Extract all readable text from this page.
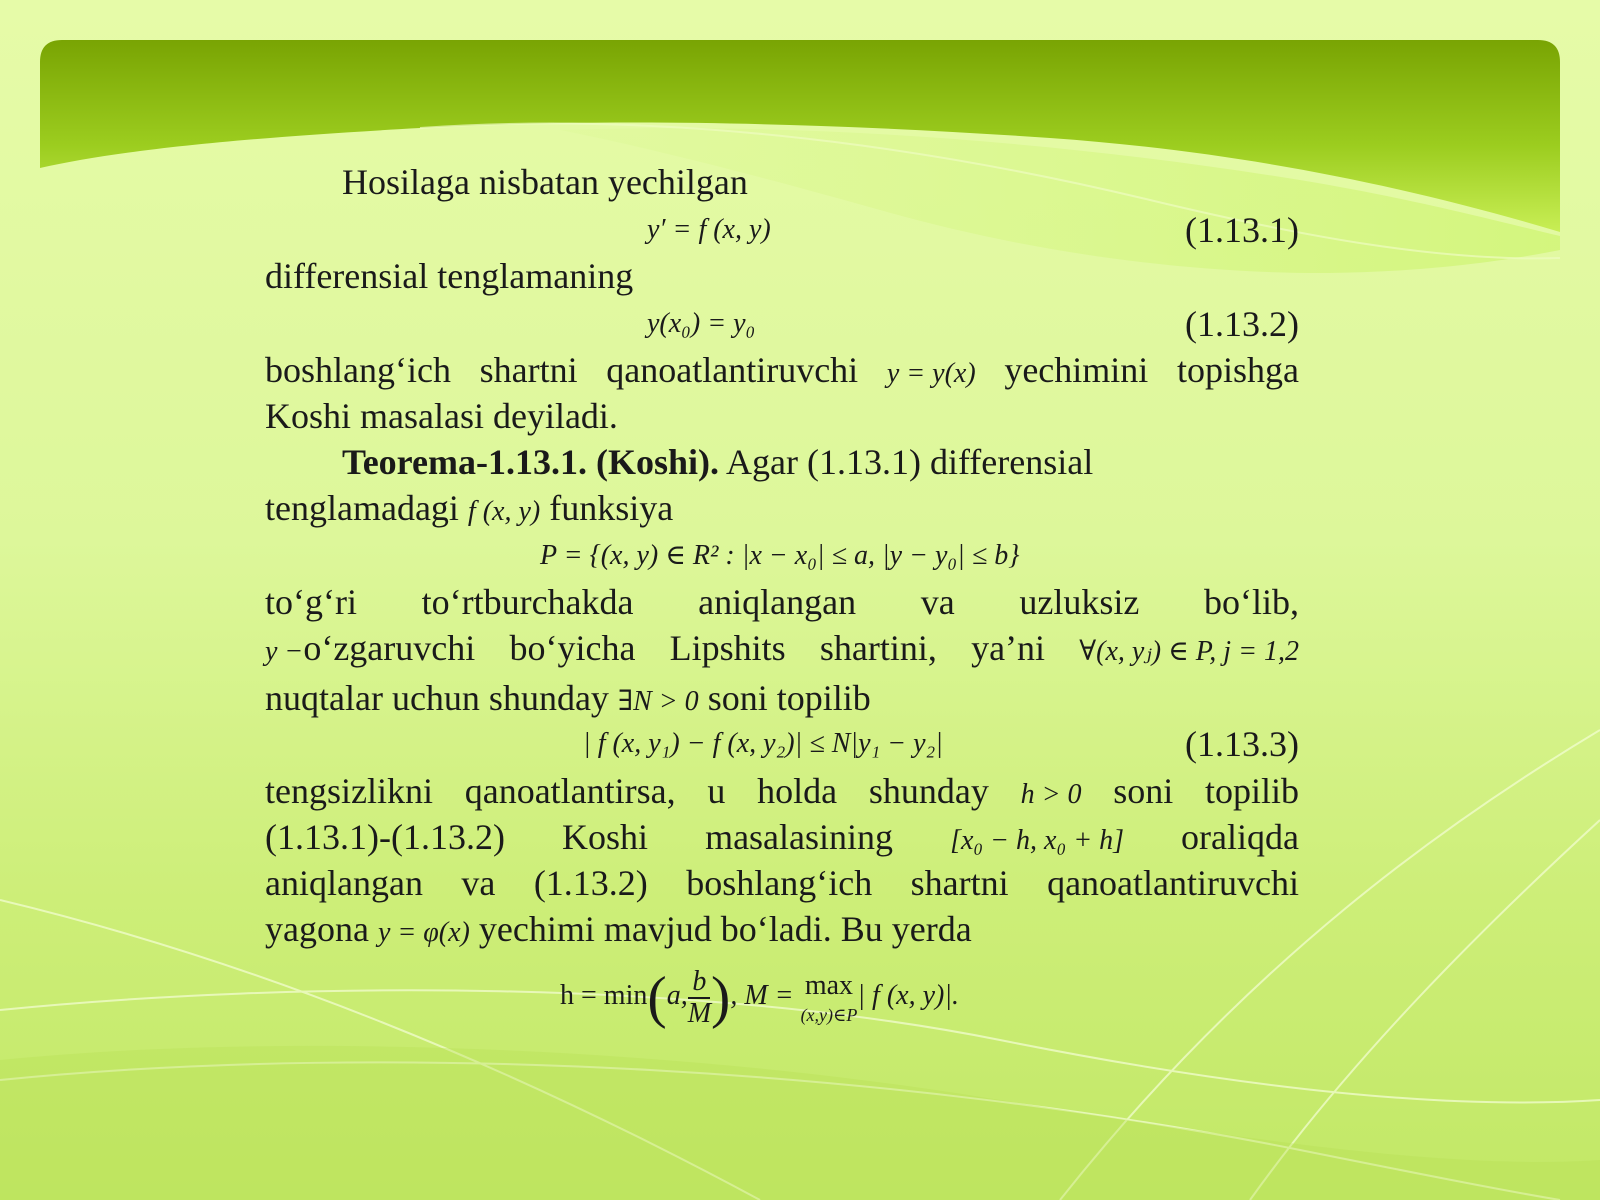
Hosilaga nisbatan yechilgan
y′ = f (x, y)	(1.13.1)
differensial tenglamaning
y(x₀) = y₀	(1.13.2)
boshlang‘ich shartni qanoatlantiruvchi y = y(x) yechimini topishga
Koshi masalasi deyiladi.
Teorema-1.13.1. (Koshi). Agar (1.13.1) differensial
tenglamadagi f (x, y) funksiya
P = {(x, y) ∈ R² : |x − x₀| ≤ a, |y − y₀| ≤ b}
to‘g‘ri to‘rtburchakda aniqlangan va uzluksiz bo‘lib,
y −o‘zgaruvchi bo‘yicha Lipshits shartini, ya’ni ∀(x, yⱼ) ∈ P, j = 1,2
nuqtalar uchun shunday ∃N > 0 soni topilib
| f (x, y₁) − f (x, y₂)| ≤ N|y₁ − y₂|	(1.13.3)
tengsizlikni qanoatlantirsa, u holda shunday h > 0 soni topilib
(1.13.1)-(1.13.2) Koshi masalasining [x₀ − h, x₀ + h] oraliqda
aniqlangan va (1.13.2) boshlang‘ich shartni qanoatlantiruvchi
yagona y = φ(x) yechimi mavjud bo‘ladi. Bu yerda
h = min(a, $\frac{b}{M}$ ), M = max
(x,y)∈P
| f (x, y)|.
